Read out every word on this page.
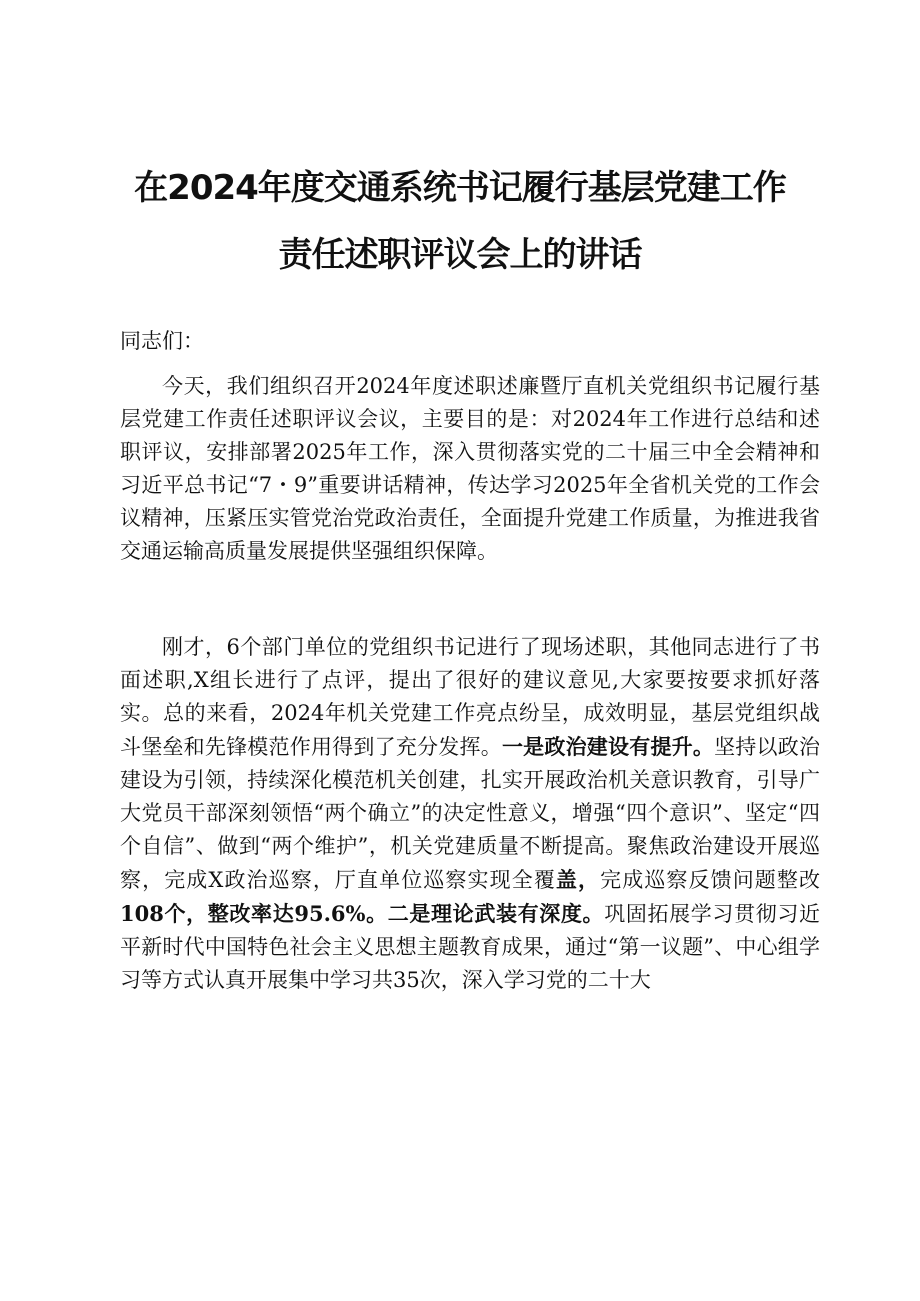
在2024年度交通系统书记履行基层党建工作
责任述职评议会上的讲话

同志们：

今天，我们组织召开2024年度述职述廉暨厅直机关党组织书记履行基层党建工作责任述职评议会议，主要目的是：对2024年工作进行总结和述职评议，安排部署2025年工作，深入贯彻落实党的二十届三中全会精神和习近平总书记“7・9”重要讲话精神，传达学习2025年全省机关党的工作会议精神，压紧压实管党治党政治责任，全面提升党建工作质量，为推进我省交通运输高质量发展提供坚强组织保障。

刚才，6个部门单位的党组织书记进行了现场述职，其他同志进行了书面述职,X组长进行了点评，提出了很好的建议意见,大家要按要求抓好落实。总的来看，2024年机关党建工作亮点纷呈，成效明显，基层党组织战斗堡垒和先锋模范作用得到了充分发挥。一是政治建设有提升。坚持以政治建设为引领，持续深化模范机关创建，扎实开展政治机关意识教育，引导广大党员干部深刻领悟“两个确立”的决定性意义，增强“四个意识”、坚定“四个自信”、做到“两个维护”，机关党建质量不断提高。聚焦政治建设开展巡察，完成X政治巡察，厅直单位巡察实现全覆盖，完成巡察反馈问题整改108个，整改率达95.6%。二是理论武装有深度。巩固拓展学习贯彻习近平新时代中国特色社会主义思想主题教育成果，通过“第一议题”、中心组学习等方式认真开展集中学习共35次，深入学习党的二十大
